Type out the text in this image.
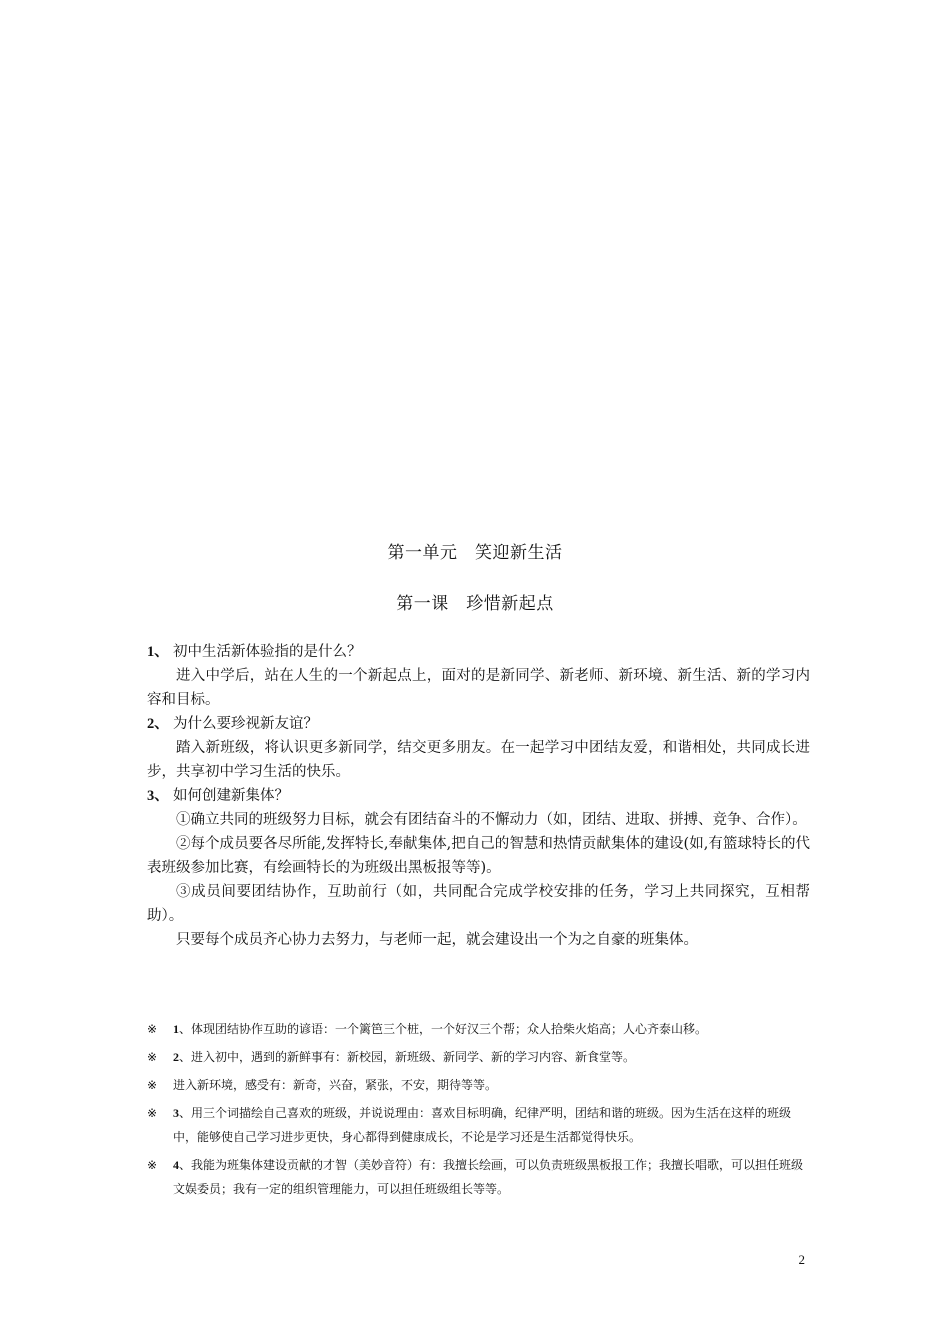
第一单元　笑迎新生活
第一课　珍惜新起点
1、 初中生活新体验指的是什么？
进入中学后，站在人生的一个新起点上，面对的是新同学、新老师、新环境、新生活、新的学习内容和目标。
2、 为什么要珍视新友谊？
踏入新班级，将认识更多新同学，结交更多朋友。在一起学习中团结友爱，和谐相处，共同成长进步，共享初中学习生活的快乐。
3、 如何创建新集体？
①确立共同的班级努力目标，就会有团结奋斗的不懈动力（如，团结、进取、拼搏、竞争、合作）。
②每个成员要各尽所能,发挥特长,奉献集体,把自己的智慧和热情贡献集体的建设(如,有篮球特长的代表班级参加比赛，有绘画特长的为班级出黑板报等等)。
③成员间要团结协作，互助前行（如，共同配合完成学校安排的任务，学习上共同探究，互相帮助）。
只要每个成员齐心协力去努力，与老师一起，就会建设出一个为之自豪的班集体。
※	1、体现团结协作互助的谚语：一个篱笆三个桩，一个好汉三个帮；众人拾柴火焰高；人心齐泰山移。
※	2、进入初中，遇到的新鲜事有：新校园，新班级、新同学、新的学习内容、新食堂等。
※	进入新环境，感受有：新奇，兴奋，紧张，不安，期待等等。
※	3、用三个词描绘自己喜欢的班级，并说说理由：喜欢目标明确，纪律严明，团结和谐的班级。因为生活在这样的班级中，能够使自己学习进步更快，身心都得到健康成长，不论是学习还是生活都觉得快乐。
※	4、我能为班集体建设贡献的才智（美妙音符）有：我擅长绘画，可以负责班级黑板报工作；我擅长唱歌，可以担任班级文娱委员；我有一定的组织管理能力，可以担任班级组长等等。
2
